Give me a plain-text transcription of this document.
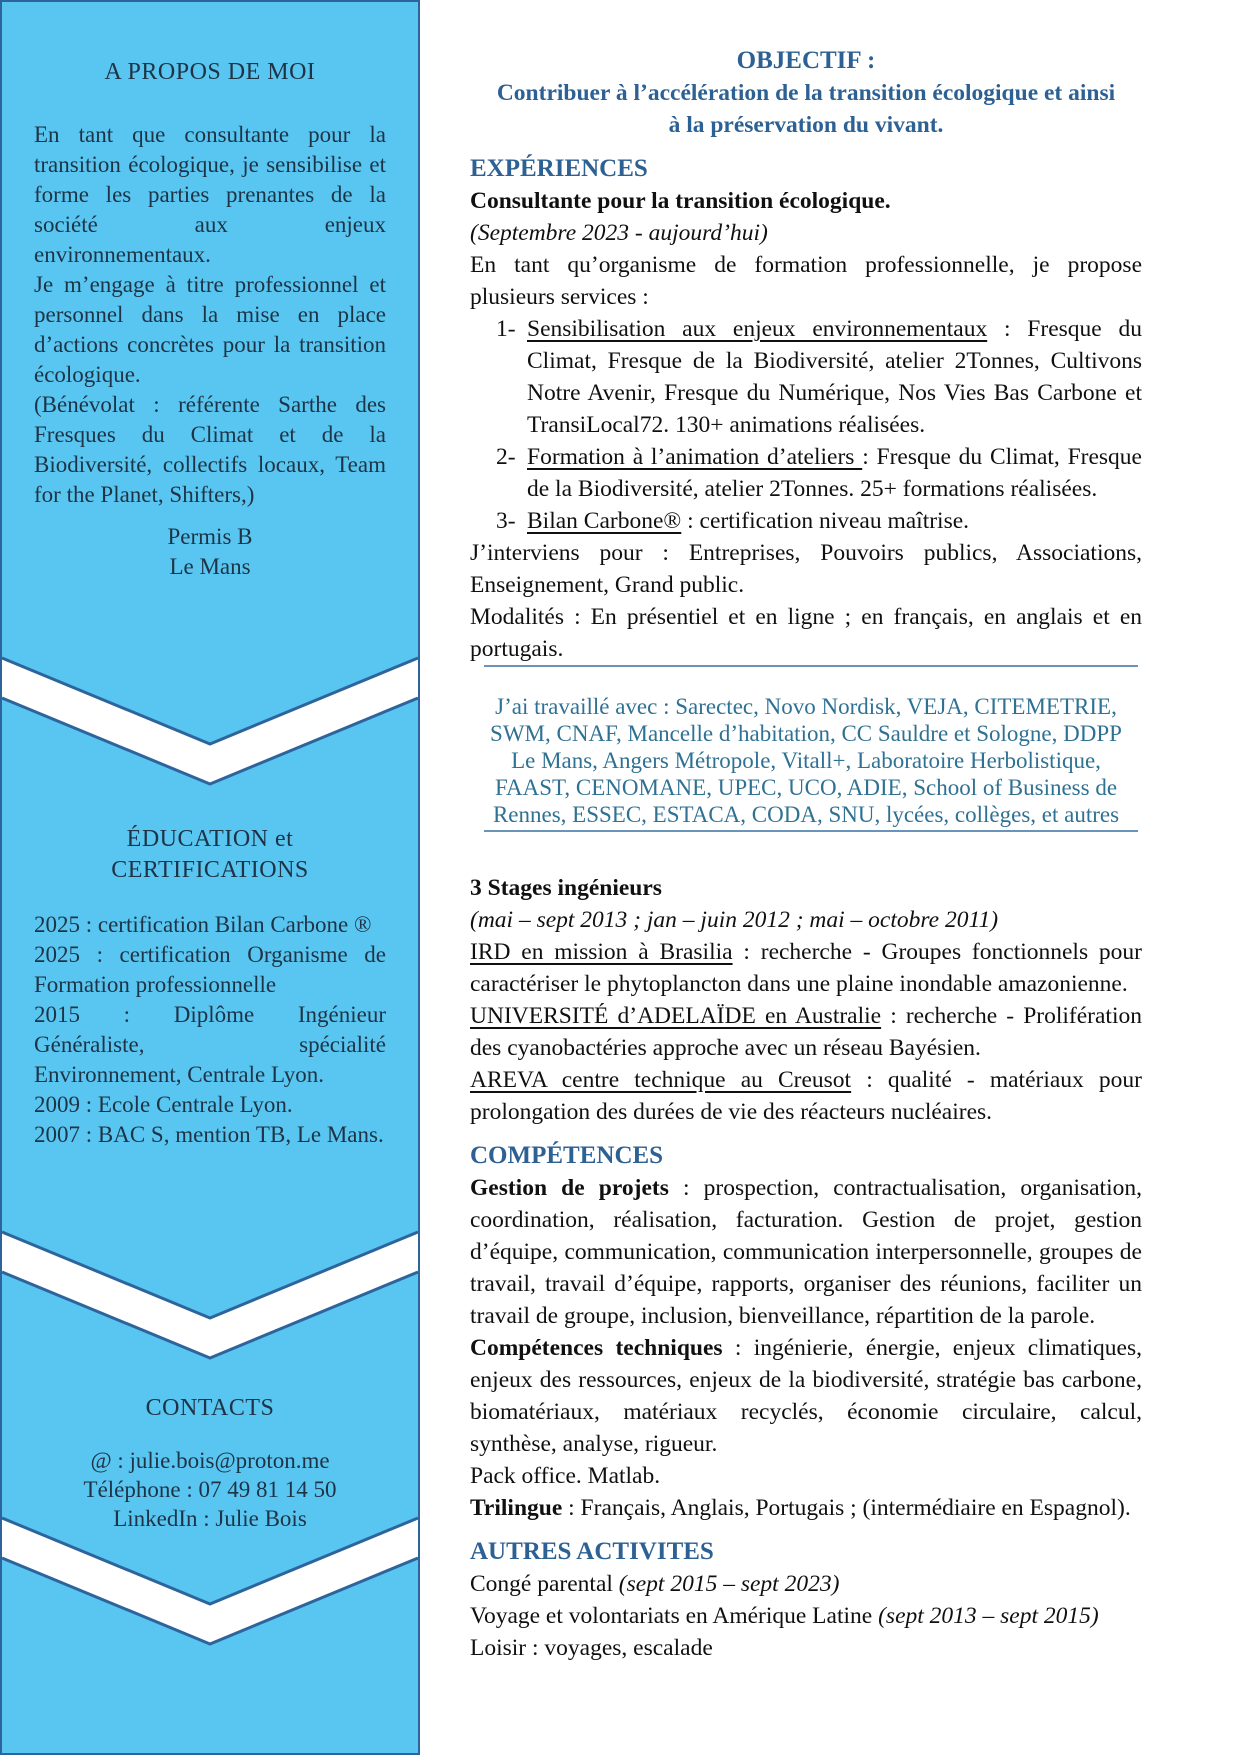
A PROPOS DE MOI

En tant que consultante pour la transition écologique, je sensibilise et forme les parties prenantes de la société aux enjeux environnementaux.

Je m’engage à titre professionnel et personnel dans la mise en place d’actions concrètes pour la transition écologique.

(Bénévolat : référente Sarthe des Fresques du Climat et de la Biodiversité, collectifs locaux, Team for the Planet, Shifters,)

Permis B

Le Mans

ÉDUCATION et
CERTIFICATIONS

2025 : certification Bilan Carbone ®

2025 : certification Organisme de Formation professionnelle

2015 : Diplôme Ingénieur Généraliste, spécialité Environnement, Centrale Lyon.

2009 : Ecole Centrale Lyon.

2007 : BAC S, mention TB, Le Mans.

CONTACTS

@ : julie.bois@proton.me

Téléphone : 07 49 81 14 50

LinkedIn : Julie Bois

OBJECTIF :

Contribuer à l’accélération de la transition écologique et ainsi

à la préservation du vivant.

EXPÉRIENCES

Consultante pour la transition écologique.

(Septembre 2023 - aujourd’hui)

En tant qu’organisme de formation professionnelle, je propose plusieurs services :

1- Sensibilisation aux enjeux environnementaux : Fresque du Climat, Fresque de la Biodiversité, atelier 2Tonnes, Cultivons Notre Avenir, Fresque du Numérique, Nos Vies Bas Carbone et TransiLocal72. 130+ animations réalisées.
2- Formation à l’animation d’ateliers : Fresque du Climat, Fresque de la Biodiversité, atelier 2Tonnes. 25+ formations réalisées.
3- Bilan Carbone® : certification niveau maîtrise.

J’interviens pour : Entreprises, Pouvoirs publics, Associations, Enseignement, Grand public.

Modalités : En présentiel et en ligne ; en français, en anglais et en portugais.

J’ai travaillé avec : Sarectec, Novo Nordisk, VEJA, CITEMETRIE, SWM, CNAF, Mancelle d’habitation, CC Sauldre et Sologne, DDPP Le Mans, Angers Métropole, Vitall+, Laboratoire Herbolistique, FAAST, CENOMANE, UPEC, UCO, ADIE, School of Business de Rennes, ESSEC, ESTACA, CODA, SNU, lycées, collèges, et autres

3 Stages ingénieurs

(mai – sept 2013 ; jan – juin 2012 ; mai – octobre 2011)

IRD en mission à Brasilia : recherche - Groupes fonctionnels pour caractériser le phytoplancton dans une plaine inondable amazonienne.

UNIVERSITÉ d’ADELAÏDE en Australie : recherche - Prolifération des cyanobactéries approche avec un réseau Bayésien.

AREVA centre technique au Creusot : qualité - matériaux pour prolongation des durées de vie des réacteurs nucléaires.

COMPÉTENCES

Gestion de projets : prospection, contractualisation, organisation, coordination, réalisation, facturation. Gestion de projet, gestion d’équipe, communication, communication interpersonnelle, groupes de travail, travail d’équipe, rapports, organiser des réunions, faciliter un travail de groupe, inclusion, bienveillance, répartition de la parole.

Compétences techniques : ingénierie, énergie, enjeux climatiques, enjeux des ressources, enjeux de la biodiversité, stratégie bas carbone, biomatériaux, matériaux recyclés, économie circulaire, calcul, synthèse, analyse, rigueur.

Pack office. Matlab.

Trilingue : Français, Anglais, Portugais ; (intermédiaire en Espagnol).

AUTRES ACTIVITES

Congé parental (sept 2015 – sept 2023)

Voyage et volontariats en Amérique Latine (sept 2013 – sept 2015)

Loisir : voyages, escalade
